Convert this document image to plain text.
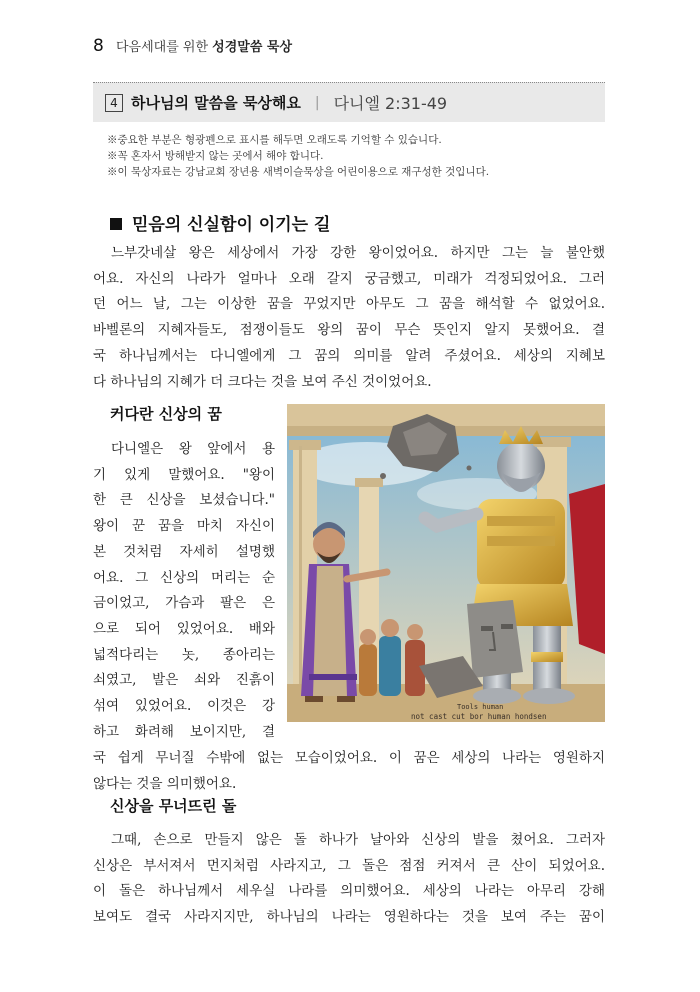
8 다음세대를 위한 성경말씀 묵상
4 하나님의 말씀을 묵상해요 | 다니엘 2:31-49
※중요한 부분은 형광펜으로 표시를 해두면 오래도록 기억할 수 있습니다.
※꼭 혼자서 방해받지 않는 곳에서 해야 합니다.
※이 묵상자료는 강남교회 장년용 새벽이슬묵상을 어린이용으로 재구성한 것입니다.
믿음의 신실함이 이기는 길
느부갓네살 왕은 세상에서 가장 강한 왕이었어요. 하지만 그는 늘 불안했
어요. 자신의 나라가 얼마나 오래 갈지 궁금했고, 미래가 걱정되었어요. 그러
던 어느 날, 그는 이상한 꿈을 꾸었지만 아무도 그 꿈을 해석할 수 없었어요.
바벨론의 지혜자들도, 점쟁이들도 왕의 꿈이 무슨 뜻인지 알지 못했어요. 결
국 하나님께서는 다니엘에게 그 꿈의 의미를 알려 주셨어요. 세상의 지혜보
다 하나님의 지혜가 더 크다는 것을 보여 주신 것이었어요.
커다란 신상의 꿈
다니엘은 왕 앞에서 용
기 있게 말했어요. "왕이
한 큰 신상을 보셨습니다."
왕이 꾼 꿈을 마치 자신이
본 것처럼 자세히 설명했
어요. 그 신상의 머리는 순
금이었고, 가슴과 팔은 은
으로 되어 있었어요. 배와
넓적다리는 놋, 종아리는
쇠였고, 발은 쇠와 진흙이
섞여 있었어요. 이것은 강
하고 화려해 보이지만, 결
국 쉽게 무너질 수밖에 없는 모습이었어요. 이 꿈은 세상의 나라는 영원하지
않다는 것을 의미했어요.
Tools human
not cast cut bor human hondsen
신상을 무너뜨린 돌
그때, 손으로 만들지 않은 돌 하나가 날아와 신상의 발을 쳤어요. 그러자
신상은 부서져서 먼지처럼 사라지고, 그 돌은 점점 커져서 큰 산이 되었어요.
이 돌은 하나님께서 세우실 나라를 의미했어요. 세상의 나라는 아무리 강해
보여도 결국 사라지지만, 하나님의 나라는 영원하다는 것을 보여 주는 꿈이
